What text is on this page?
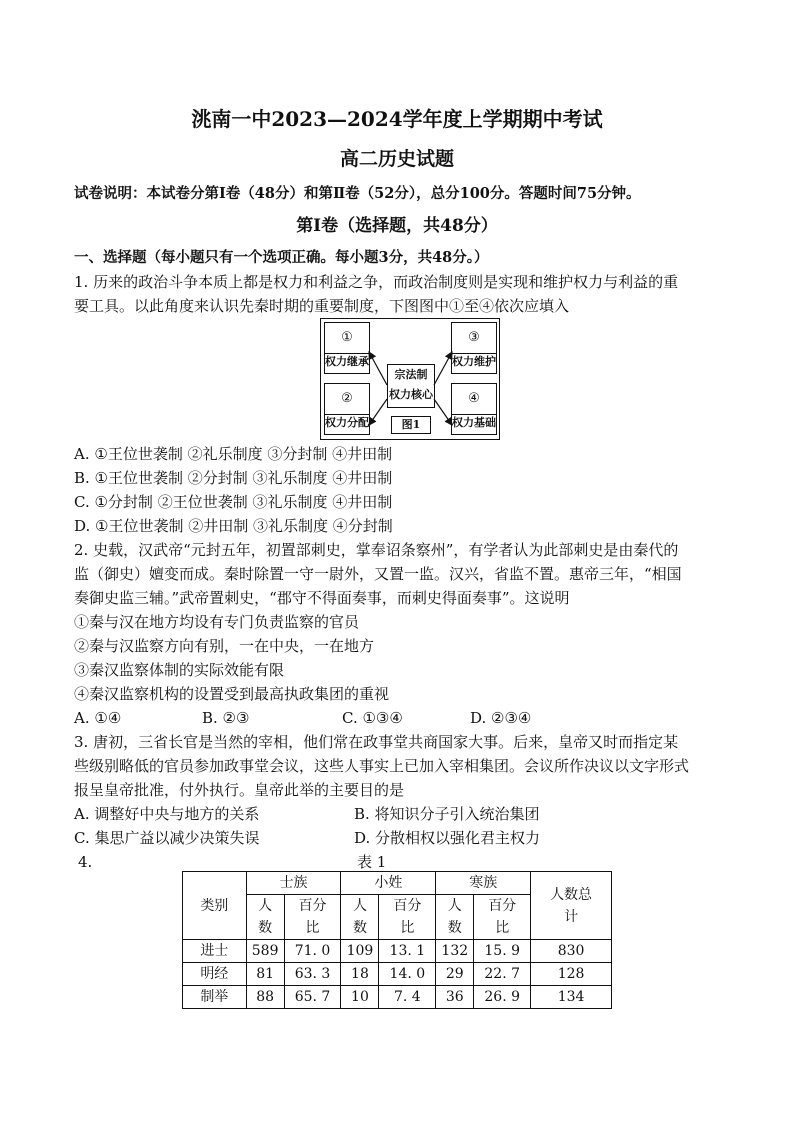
洮南一中2023—2024学年度上学期期中考试
高二历史试题
试卷说明：本试卷分第Ⅰ卷（48分）和第Ⅱ卷（52分），总分100分。答题时间75分钟。
第Ⅰ卷（选择题，共48分）
一、选择题（每小题只有一个选项正确。每小题3分，共48分。）
1. 历来的政治斗争本质上都是权力和利益之争，而政治制度则是实现和维护权力与利益的重
要工具。以此角度来认识先秦时期的重要制度，下图图中①至④依次应填入
①
权力继承
②
权力分配
③
权力维护
④
权力基础
宗法制
权力核心
图1
A. ①王位世袭制 ②礼乐制度 ③分封制 ④井田制
B. ①王位世袭制 ②分封制 ③礼乐制度 ④井田制
C. ①分封制 ②王位世袭制 ③礼乐制度 ④井田制
D. ①王位世袭制 ②井田制 ③礼乐制度 ④分封制
2. 史载，汉武帝“元封五年，初置部刺史，掌奉诏条察州”，有学者认为此部刺史是由秦代的
监（御史）嬗变而成。秦时除置一守一尉外，又置一监。汉兴，省监不置。惠帝三年，“相国
奏御史监三辅。”武帝置刺史，“郡守不得面奏事，而刺史得面奏事”。这说明
①秦与汉在地方均设有专门负责监察的官员
②秦与汉监察方向有别，一在中央，一在地方
③秦汉监察体制的实际效能有限
④秦汉监察机构的设置受到最高执政集团的重视
A. ①④	B. ②③	C. ①③④	D. ②③④
3. 唐初，三省长官是当然的宰相，他们常在政事堂共商国家大事。后来，皇帝又时而指定某
些级别略低的官员参加政事堂会议，这些人事实上已加入宰相集团。会议所作决议以文字形式
报呈皇帝批准，付外执行。皇帝此举的主要目的是
A. 调整好中央与地方的关系	B. 将知识分子引入统治集团
C. 集思广益以减少决策失误	D. 分散相权以强化君主权力
4.	表 1
类别	士族		小姓		寒族		人数总计
	人数	百分比	人数	百分比	人数	百分比	
进士	589	71. 0	109	13. 1	132	15. 9	830
明经	81	63. 3	18	14. 0	29	22. 7	128
制举	88	65. 7	10	7. 4	36	26. 9	134
